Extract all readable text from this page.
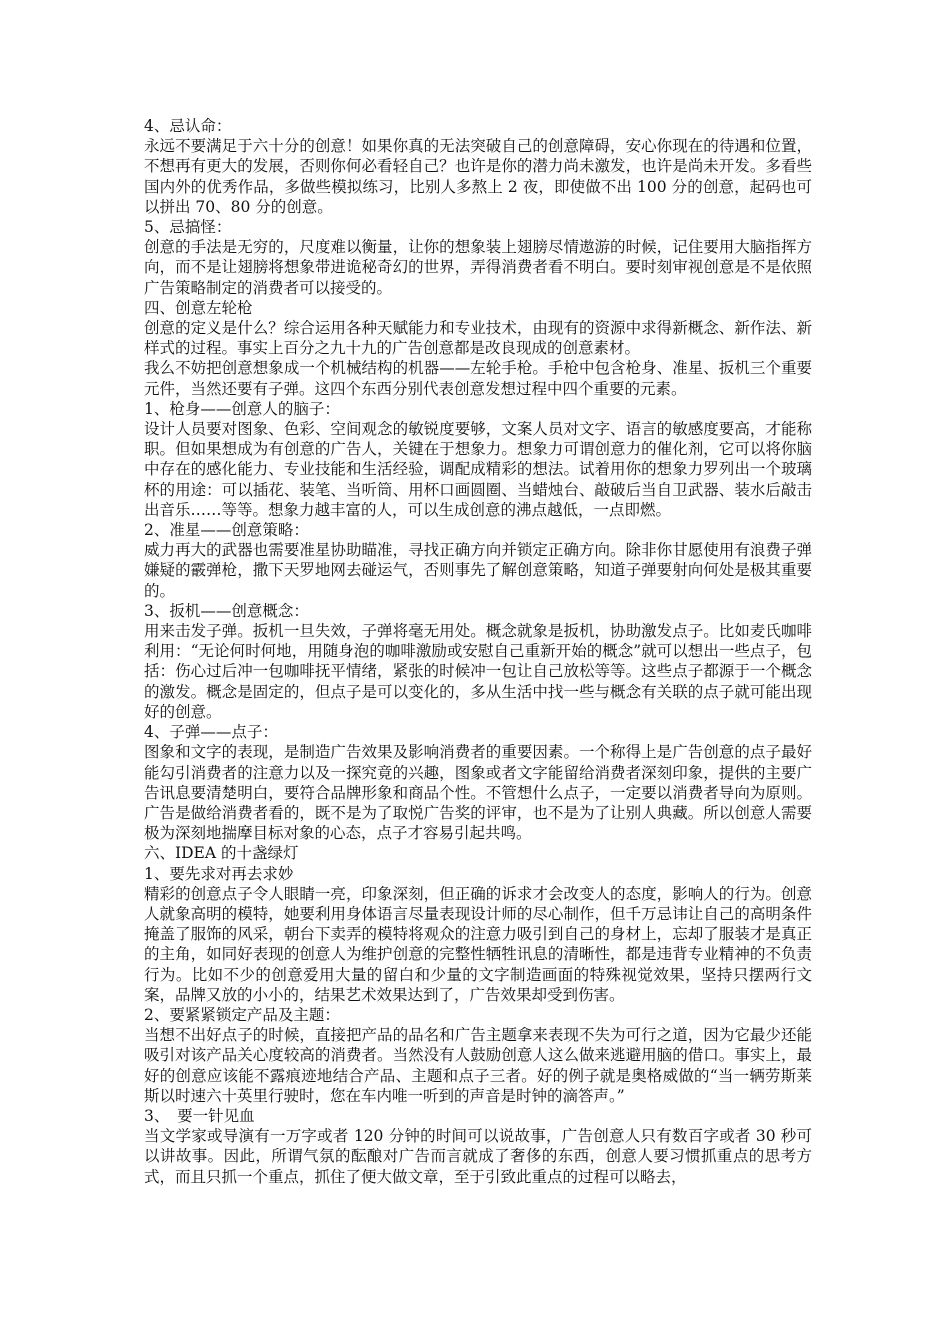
4、忌认命：

永远不要满足于六十分的创意！如果你真的无法突破自己的创意障碍，安心你现在的待遇和位置，不想再有更大的发展，否则你何必看轻自己？也许是你的潜力尚未激发，也许是尚未开发。多看些国内外的优秀作品，多做些模拟练习，比别人多熬上 2 夜，即使做不出 100 分的创意，起码也可以拼出 70、80 分的创意。

5、忌搞怪：

创意的手法是无穷的，尺度难以衡量，让你的想象装上翅膀尽情遨游的时候，记住要用大脑指挥方向，而不是让翅膀将想象带进诡秘奇幻的世界，弄得消费者看不明白。要时刻审视创意是不是依照广告策略制定的消费者可以接受的。

四、创意左轮枪

创意的定义是什么？综合运用各种天赋能力和专业技术，由现有的资源中求得新概念、新作法、新样式的过程。事实上百分之九十九的广告创意都是改良现成的创意素材。

我么不妨把创意想象成一个机械结构的机器——左轮手枪。手枪中包含枪身、准星、扳机三个重要元件，当然还要有子弹。这四个东西分别代表创意发想过程中四个重要的元素。

1、枪身——创意人的脑子：

设计人员要对图象、色彩、空间观念的敏锐度要够，文案人员对文字、语言的敏感度要高，才能称职。但如果想成为有创意的广告人，关键在于想象力。想象力可谓创意力的催化剂，它可以将你脑中存在的感化能力、专业技能和生活经验，调配成精彩的想法。试着用你的想象力罗列出一个玻璃杯的用途：可以插花、装笔、当听筒、用杯口画圆圈、当蜡烛台、敲破后当自卫武器、装水后敲击出音乐……等等。想象力越丰富的人，可以生成创意的沸点越低，一点即燃。

2、准星——创意策略：

威力再大的武器也需要准星协助瞄准，寻找正确方向并锁定正确方向。除非你甘愿使用有浪费子弹嫌疑的霰弹枪，撒下天罗地网去碰运气，否则事先了解创意策略，知道子弹要射向何处是极其重要的。

3、扳机——创意概念：

用来击发子弹。扳机一旦失效，子弹将毫无用处。概念就象是扳机，协助激发点子。比如麦氏咖啡利用：“无论何时何地，用随身泡的咖啡激励或安慰自己重新开始的概念”就可以想出一些点子，包括：伤心过后冲一包咖啡抚平情绪，紧张的时候冲一包让自己放松等等。这些点子都源于一个概念的激发。概念是固定的，但点子是可以变化的，多从生活中找一些与概念有关联的点子就可能出现好的创意。

4、子弹——点子：

图象和文字的表现，是制造广告效果及影响消费者的重要因素。一个称得上是广告创意的点子最好能勾引消费者的注意力以及一探究竟的兴趣，图象或者文字能留给消费者深刻印象，提供的主要广告讯息要清楚明白，要符合品牌形象和商品个性。不管想什么点子，一定要以消费者导向为原则。广告是做给消费者看的，既不是为了取悦广告奖的评审，也不是为了让别人典藏。所以创意人需要极为深刻地揣摩目标对象的心态，点子才容易引起共鸣。

六、IDEA 的十盏绿灯

1、要先求对再去求妙

精彩的创意点子令人眼睛一亮，印象深刻，但正确的诉求才会改变人的态度，影响人的行为。创意人就象高明的模特，她要利用身体语言尽量表现设计师的尽心制作，但千万忌讳让自己的高明条件掩盖了服饰的风采，朝台下卖弄的模特将观众的注意力吸引到自己的身材上，忘却了服装才是真正的主角，如同好表现的创意人为维护创意的完整性牺牲讯息的清晰性，都是违背专业精神的不负责行为。比如不少的创意爱用大量的留白和少量的文字制造画面的特殊视觉效果，坚持只摆两行文案，品牌又放的小小的，结果艺术效果达到了，广告效果却受到伤害。

2、要紧紧锁定产品及主题：

当想不出好点子的时候，直接把产品的品名和广告主题拿来表现不失为可行之道，因为它最少还能吸引对该产品关心度较高的消费者。当然没有人鼓励创意人这么做来逃避用脑的借口。事实上，最好的创意应该能不露痕迹地结合产品、主题和点子三者。好的例子就是奥格威做的“当一辆劳斯莱斯以时速六十英里行驶时，您在车内唯一听到的声音是时钟的滴答声。”

3、　要一针见血

当文学家或导演有一万字或者 120 分钟的时间可以说故事，广告创意人只有数百字或者 30 秒可以讲故事。因此，所谓气氛的酝酿对广告而言就成了奢侈的东西，创意人要习惯抓重点的思考方式，而且只抓一个重点，抓住了便大做文章，至于引致此重点的过程可以略去，
